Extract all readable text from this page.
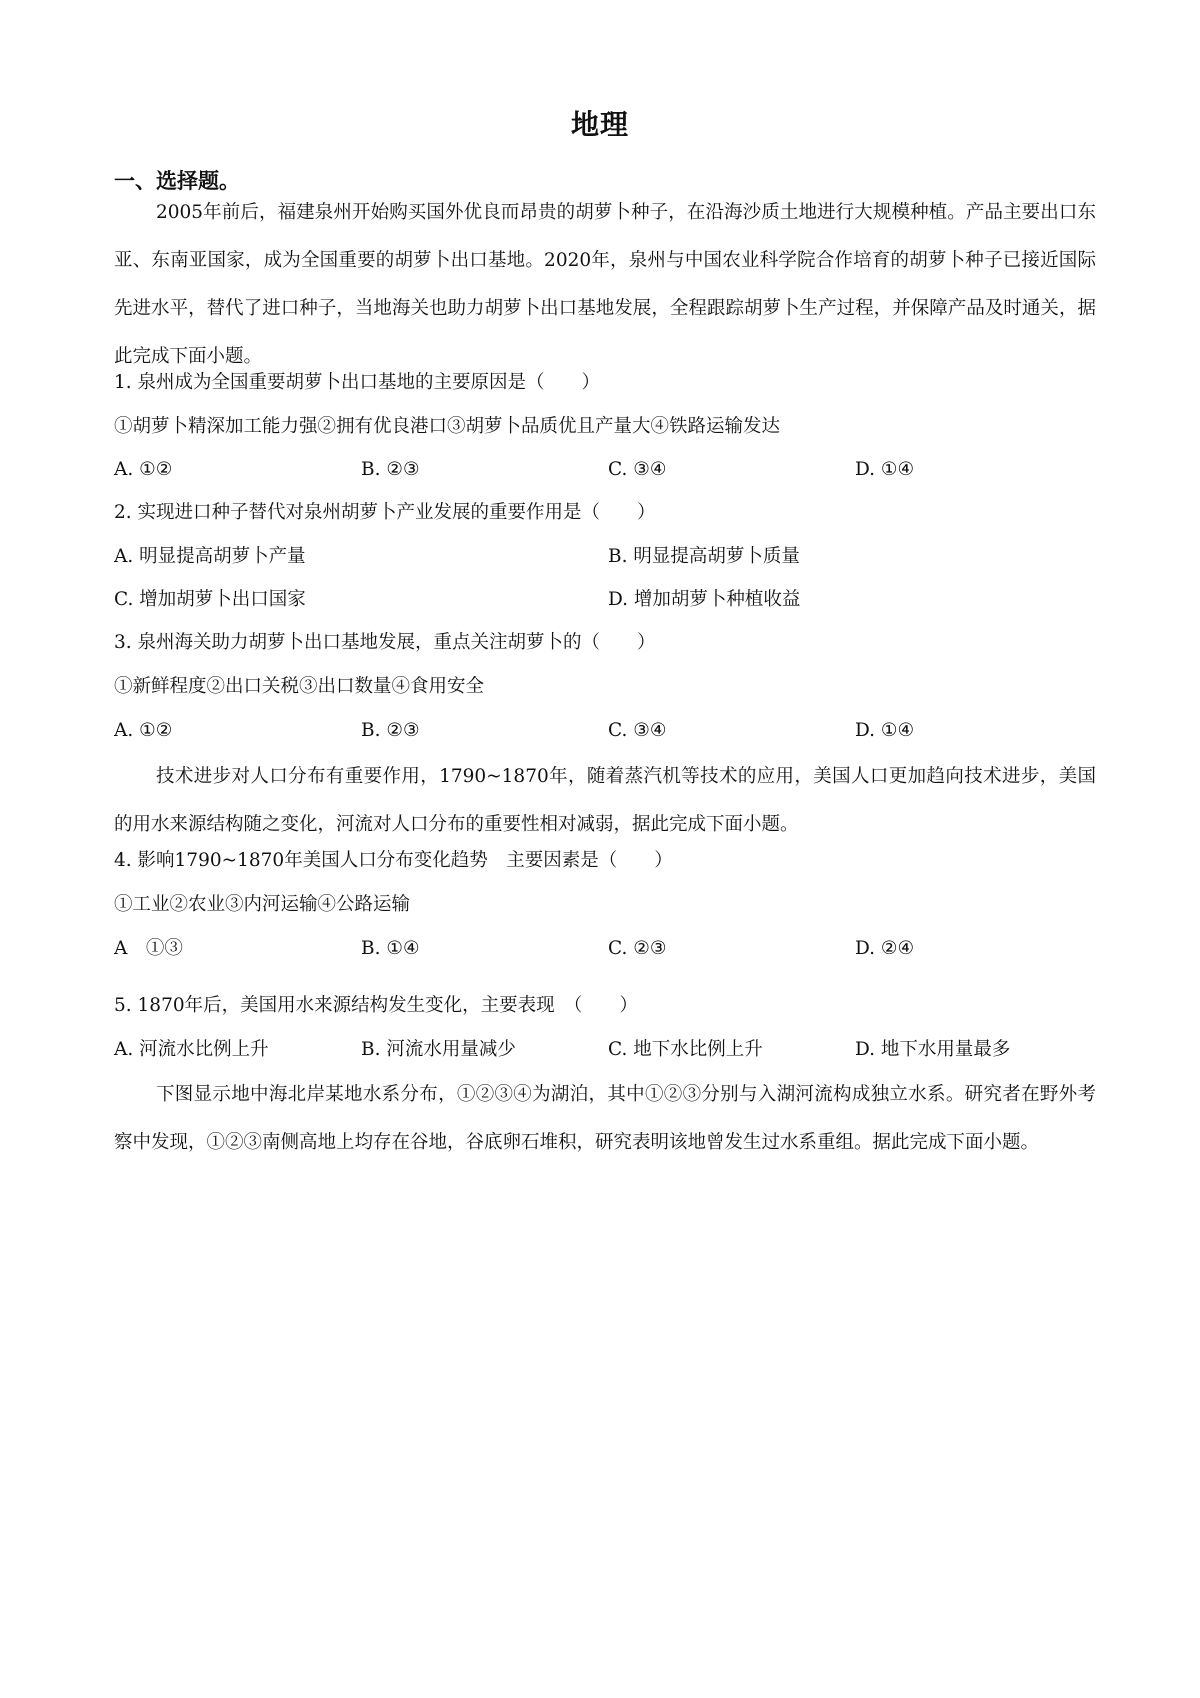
地理
一、选择题。

2005年前后，福建泉州开始购买国外优良而昂贵的胡萝卜种子，在沿海沙质土地进行大规模种植。产品主要出口东亚、东南亚国家，成为全国重要的胡萝卜出口基地。2020年，泉州与中国农业科学院合作培育的胡萝卜种子已接近国际先进水平，替代了进口种子，当地海关也助力胡萝卜出口基地发展，全程跟踪胡萝卜生产过程，并保障产品及时通关，据此完成下面小题。

1. 泉州成为全国重要胡萝卜出口基地的主要原因是（　　）
①胡萝卜精深加工能力强②拥有优良港口③胡萝卜品质优且产量大④铁路运输发达
A. ①②	B. ②③	C. ③④	D. ①④
2. 实现进口种子替代对泉州胡萝卜产业发展的重要作用是（　　）
A. 明显提高胡萝卜产量	B. 明显提高胡萝卜质量
C. 增加胡萝卜出口国家	D. 增加胡萝卜种植收益
3. 泉州海关助力胡萝卜出口基地发展，重点关注胡萝卜的（　　）
①新鲜程度②出口关税③出口数量④食用安全
A. ①②	B. ②③	C. ③④	D. ①④

技术进步对人口分布有重要作用，1790~1870年，随着蒸汽机等技术的应用，美国人口更加趋向技术进步，美国的用水来源结构随之变化，河流对人口分布的重要性相对减弱，据此完成下面小题。

4. 影响1790~1870年美国人口分布变化趋势　主要因素是（　　）
①工业②农业③内河运输④公路运输
A　①③	B. ①④	C. ②③	D. ②④
5. 1870年后，美国用水来源结构发生变化，主要表现　（　　）
A. 河流水比例上升	B. 河流水用量减少	C. 地下水比例上升	D. 地下水用量最多

下图显示地中海北岸某地水系分布，①②③④为湖泊，其中①②③分别与入湖河流构成独立水系。研究者在野外考察中发现，①②③南侧高地上均存在谷地，谷底卵石堆积，研究表明该地曾发生过水系重组。据此完成下面小题。
